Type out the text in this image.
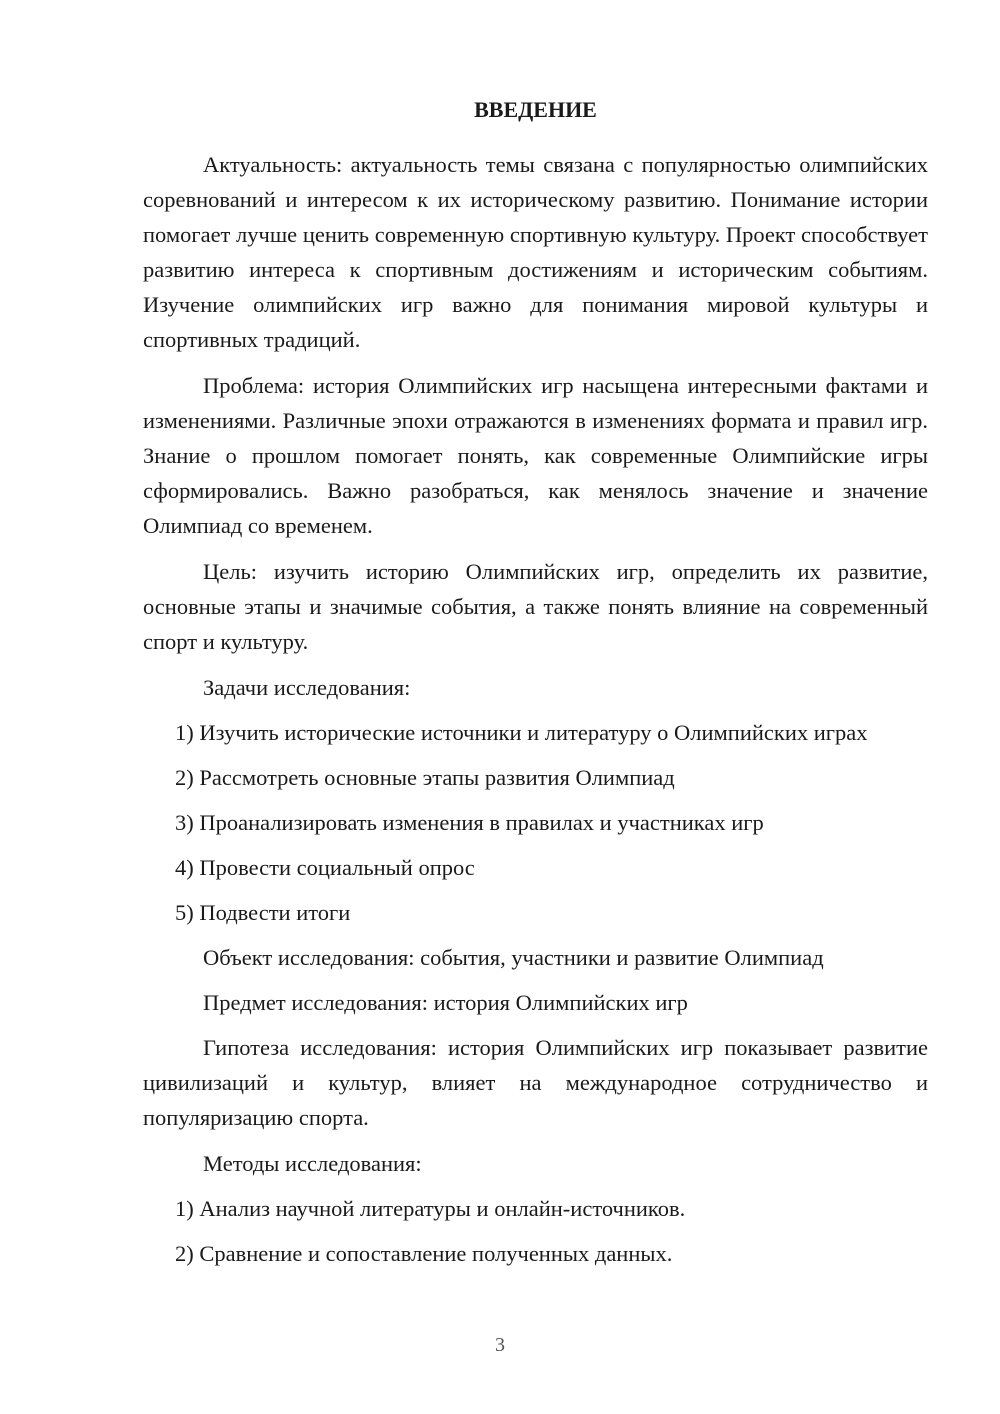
ВВЕДЕНИЕ
Актуальность: актуальность темы связана с популярностью олимпийских соревнований и интересом к их историческому развитию. Понимание истории помогает лучше ценить современную спортивную культуру. Проект способствует развитию интереса к спортивным достижениям и историческим событиям. Изучение олимпийских игр важно для понимания мировой культуры и спортивных традиций.
Проблема: история Олимпийских игр насыщена интересными фактами и изменениями. Различные эпохи отражаются в изменениях формата и правил игр. Знание о прошлом помогает понять, как современные Олимпийские игры сформировались. Важно разобраться, как менялось значение и значение Олимпиад со временем.
Цель: изучить историю Олимпийских игр, определить их развитие, основные этапы и значимые события, а также понять влияние на современный спорт и культуру.
Задачи исследования:
1) Изучить исторические источники и литературу о Олимпийских играх
2) Рассмотреть основные этапы развития Олимпиад
3) Проанализировать изменения в правилах и участниках игр
4) Провести социальный опрос
5) Подвести итоги
Объект исследования: события, участники и развитие Олимпиад
Предмет исследования: история Олимпийских игр
Гипотеза исследования: история Олимпийских игр показывает развитие цивилизаций и культур, влияет на международное сотрудничество и популяризацию спорта.
Методы исследования:
1) Анализ научной литературы и онлайн-источников.
2) Сравнение и сопоставление полученных данных.
3
